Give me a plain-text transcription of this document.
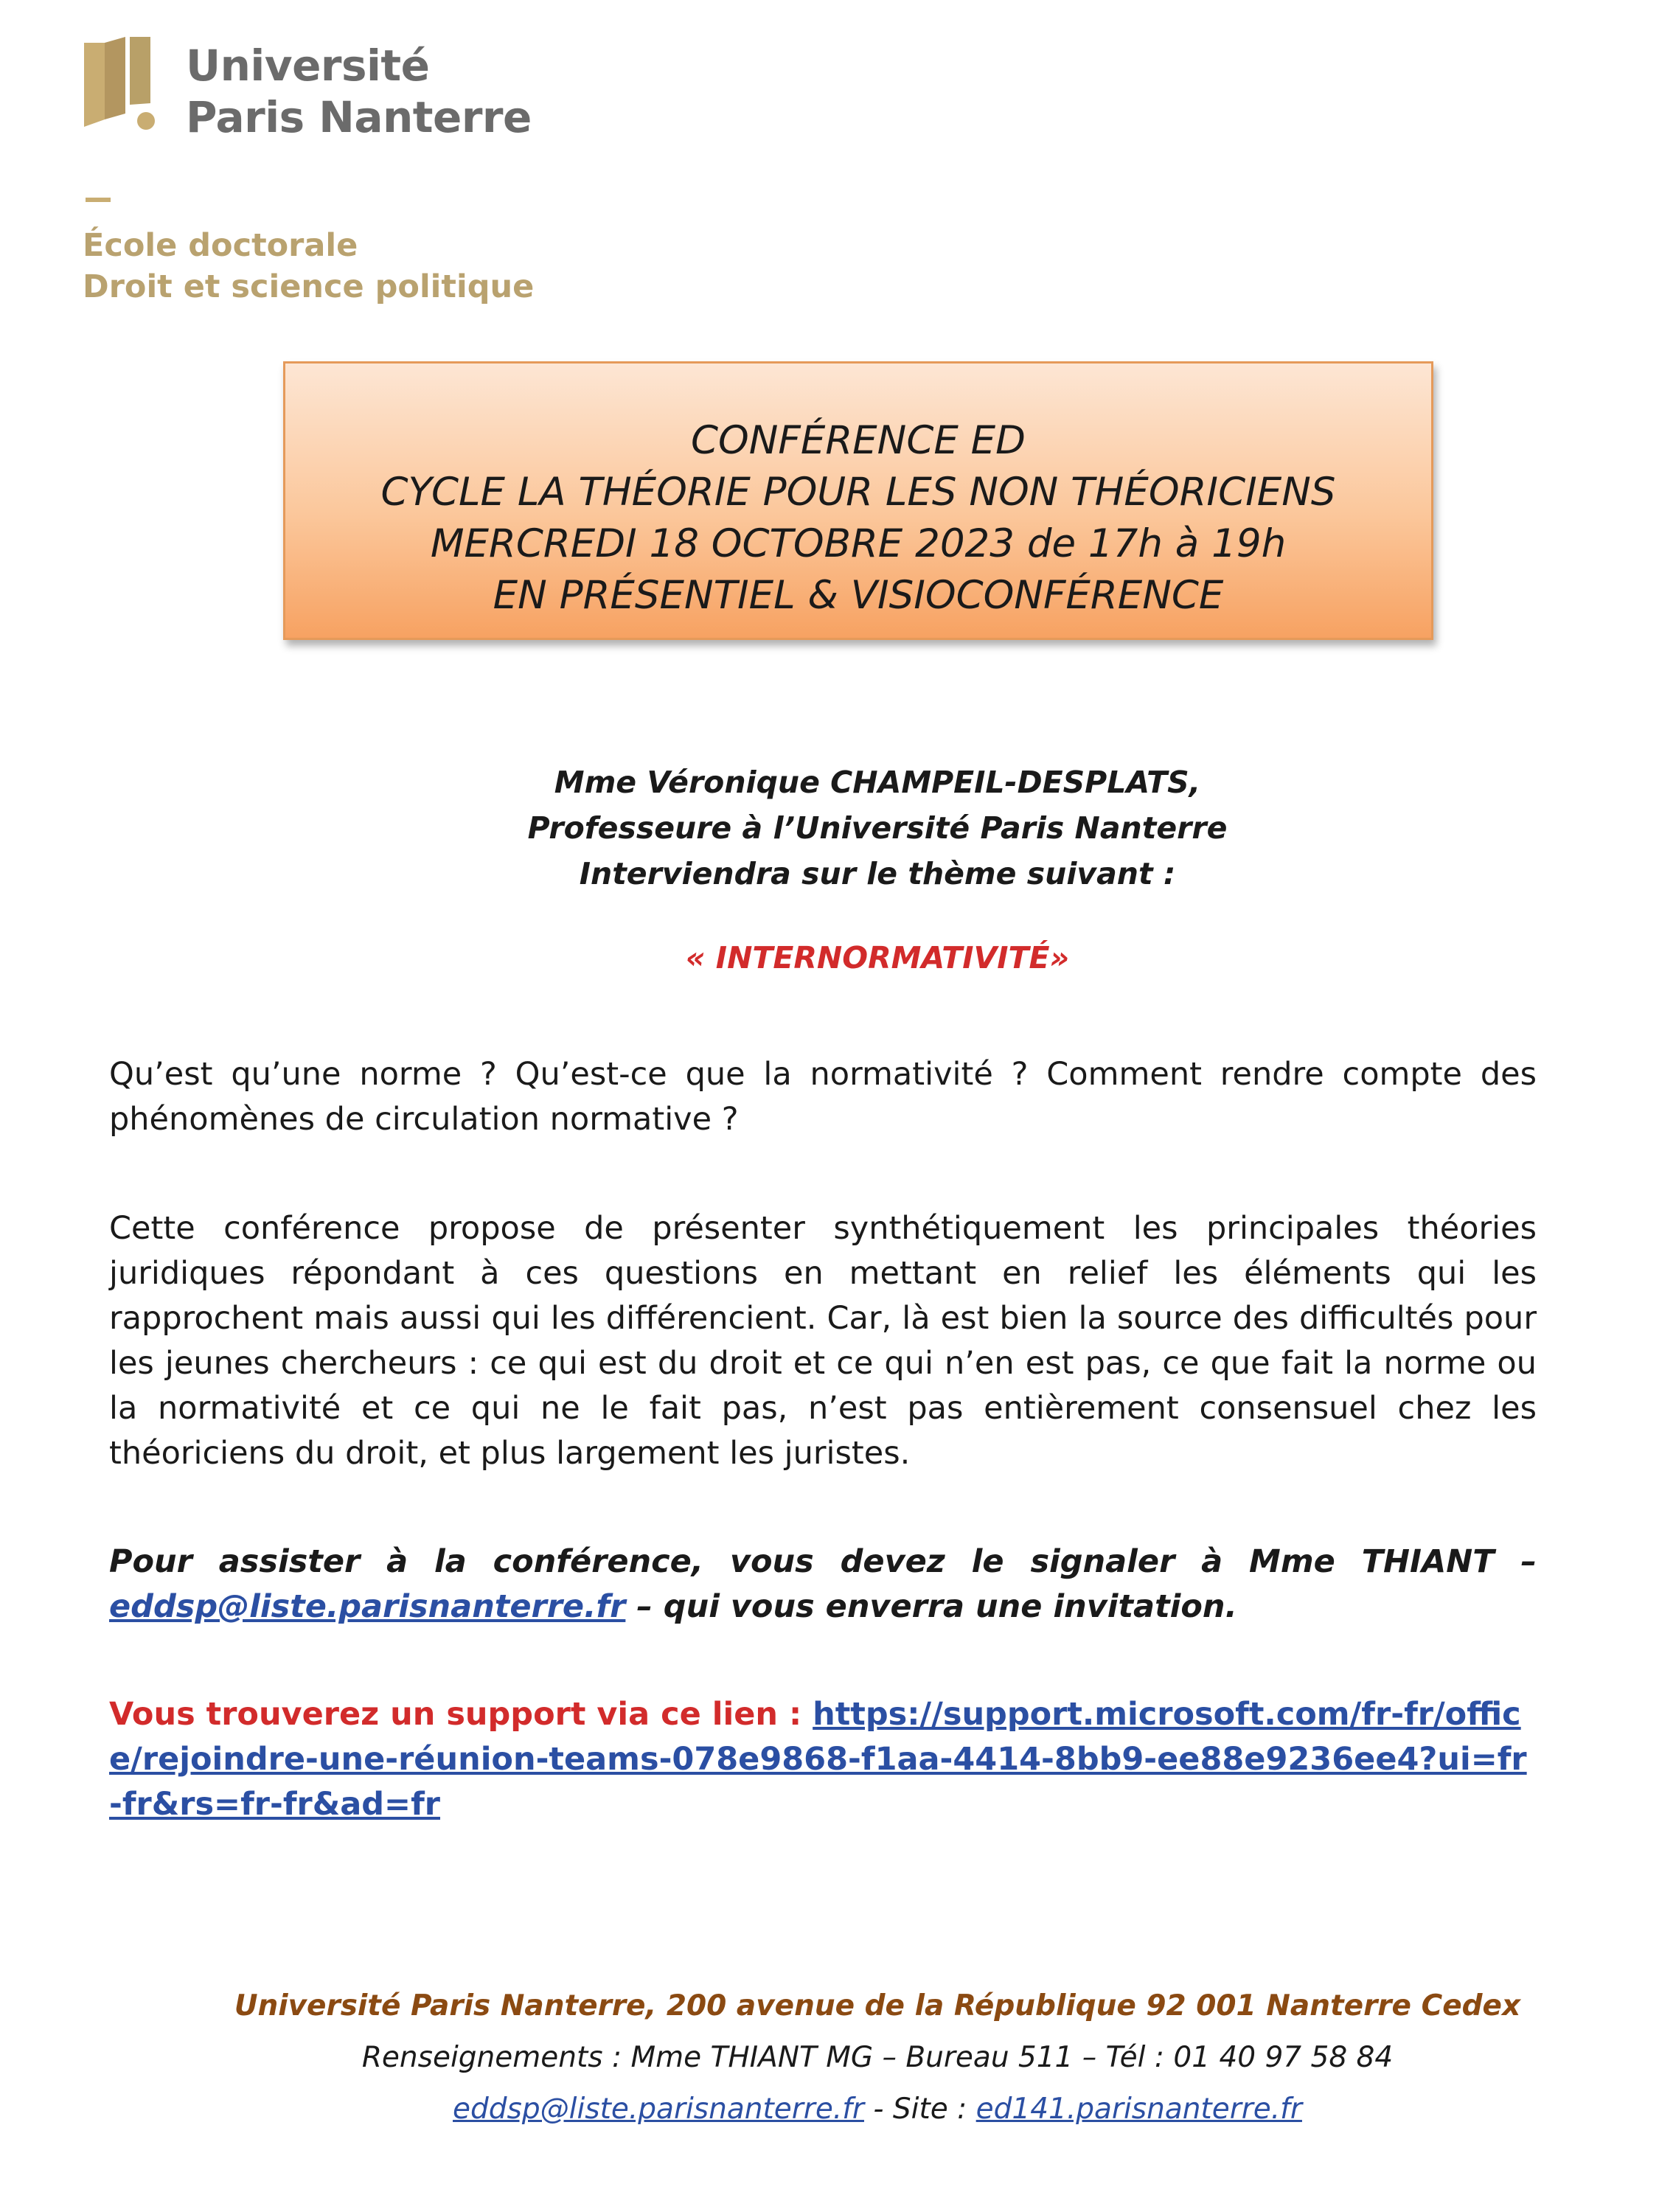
Université
Paris Nanterre
École doctorale
Droit et science politique
CONFÉRENCE ED
CYCLE LA THÉORIE POUR LES NON THÉORICIENS
MERCREDI 18 OCTOBRE 2023 de 17h à 19h
EN PRÉSENTIEL & VISIOCONFÉRENCE
Mme Véronique CHAMPEIL-DESPLATS,
Professeure à l’Université Paris Nanterre
Interviendra sur le thème suivant :
« INTERNORMATIVITÉ»

Qu’est qu’une norme ? Qu’est-ce que la normativité ? Comment rendre compte des phénomènes de circulation normative ?

Cette conférence propose de présenter synthétiquement les principales théories juridiques répondant à ces questions en mettant en relief les éléments qui les rapprochent mais aussi qui les différencient. Car, là est bien la source des difficultés pour les jeunes chercheurs : ce qui est du droit et ce qui n’en est pas, ce que fait la norme ou la normativité et ce qui ne le fait pas, n’est pas entièrement consensuel chez les théoriciens du droit, et plus largement les juristes.

Pour assister à la conférence, vous devez le signaler à Mme THIANT – eddsp@liste.parisnanterre.fr – qui vous enverra une invitation.

Vous trouverez un support via ce lien : https://support.microsoft.com/fr-fr/office/rejoindre-une-réunion-teams-078e9868-f1aa-4414-8bb9-ee88e9236ee4?ui=fr-fr&rs=fr-fr&ad=fr

Université Paris Nanterre, 200 avenue de la République 92 001 Nanterre Cedex
Renseignements : Mme THIANT MG – Bureau 511 – Tél : 01 40 97 58 84
eddsp@liste.parisnanterre.fr - Site : ed141.parisnanterre.fr
